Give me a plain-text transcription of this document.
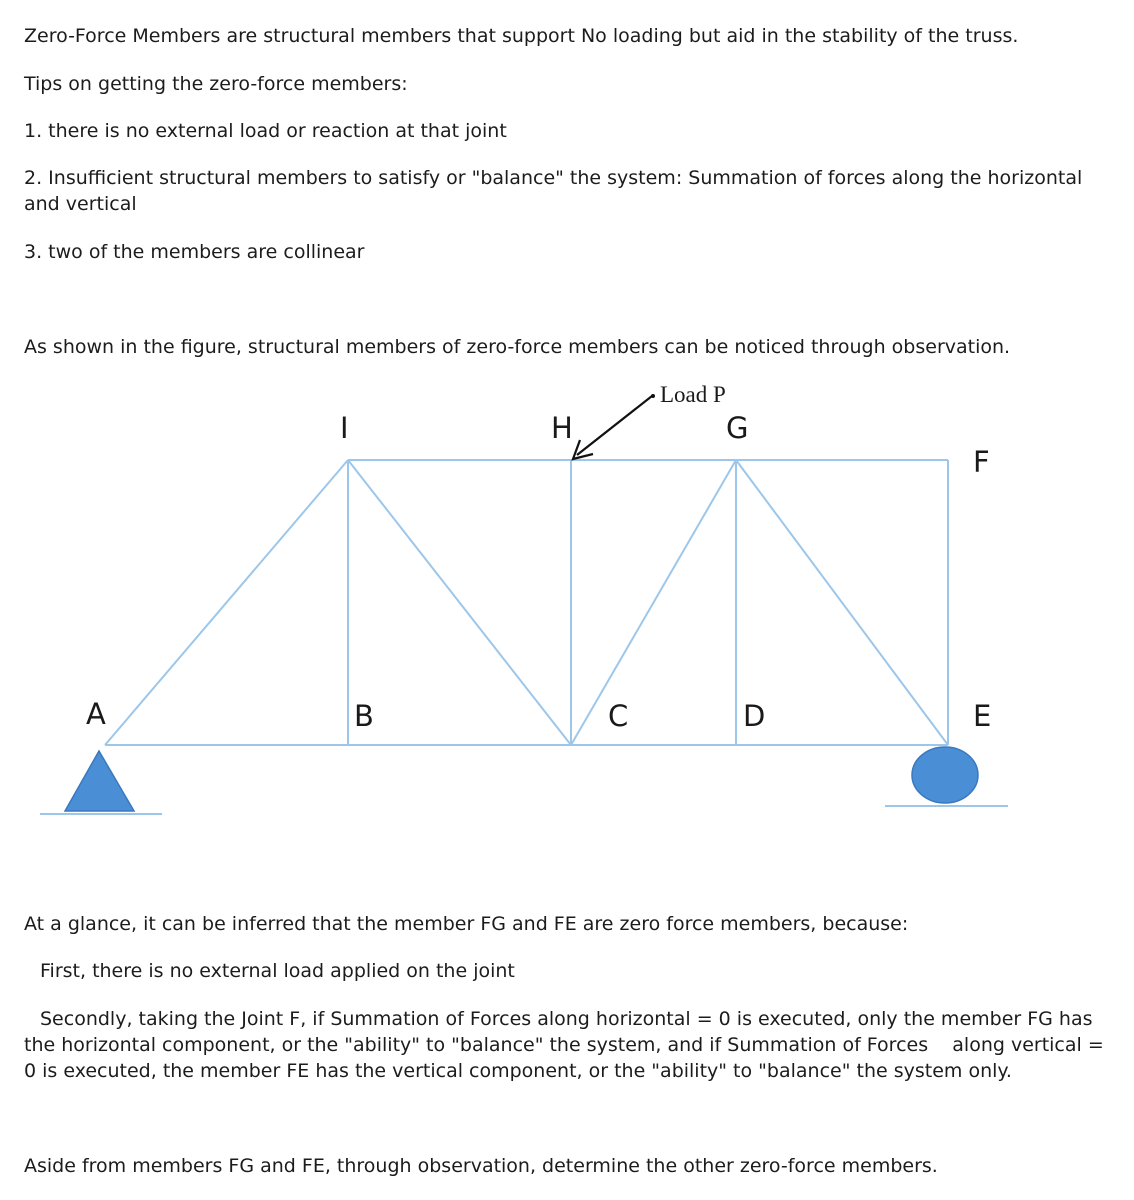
Zero-Force Members are structural members that support No loading but aid in the stability of the truss.

Tips on getting the zero-force members:

1. there is no external load or reaction at that joint

2. Insufficient structural members to satisfy or "balance" the system: Summation of forces along the horizontal and vertical

3. two of the members are collinear

As shown in the figure, structural members of zero-force members can be noticed through observation.

Load P
A	B	C	D	E
F
G
H
I

At a glance, it can be inferred that the member FG and FE are zero force members, because:

First, there is no external load applied on the joint

Secondly, taking the Joint F, if Summation of Forces along horizontal = 0 is executed, only the member FG has the horizontal component, or the "ability" to "balance" the system, and if Summation of Forces    along vertical = 0 is executed, the member FE has the vertical component, or the "ability" to "balance" the system only.

Aside from members FG and FE, through observation, determine the other zero-force members.
